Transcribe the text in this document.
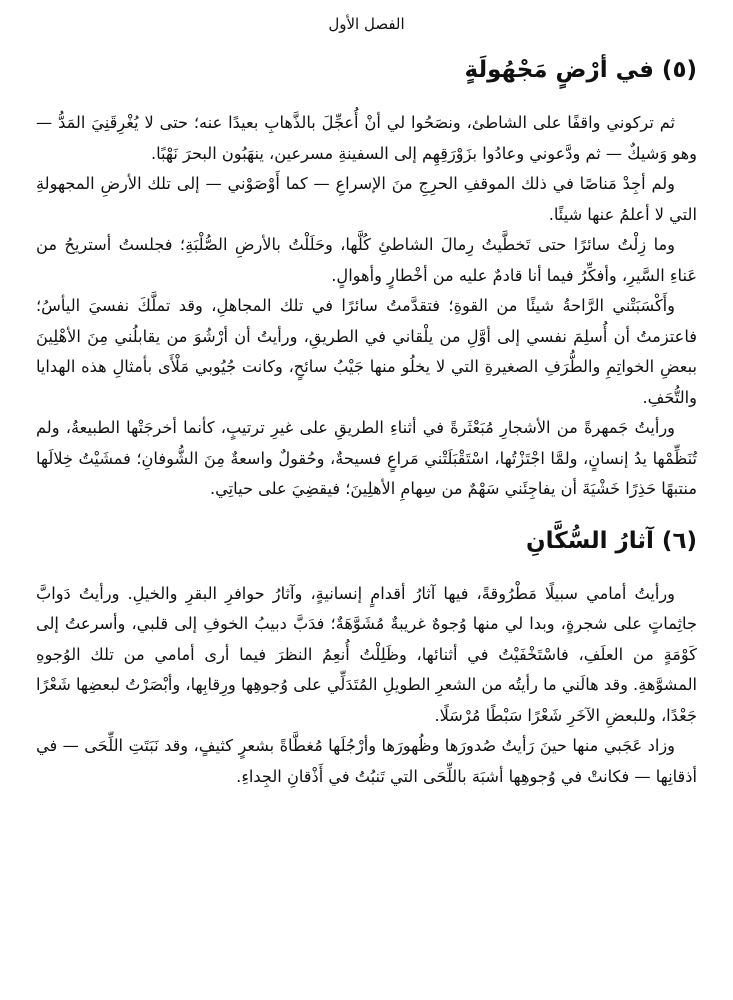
الفصل الأول
(٥) في أرْضٍ مَجْهُولَةٍ

ثم تركوني واقفًا على الشاطئ، ونصَحُوا لي أنْ أُعجِّلَ بالذَّهابِ بعيدًا عنه؛ حتى لا يُغْرِقَنِيَ المَدُّ — وهو وَشيكٌ — ثم ودَّعوني وعادُوا بزَوْرَقِهِم إلى السفينةِ مسرعين، ينهَبُون البحرَ نَهْبًا.

ولم أجِدْ مَناصًا في ذلك الموقفِ الحرِجِ منَ الإسراعِ — كما أَوْصَوْني — إلى تلك الأرضِ المجهولةِ التي لا أعلمُ عنها شيئًا.

وما زِلْتُ سائرًا حتى تَخطَّيتُ رِمالَ الشاطئِ كُلَّها، وحَلَلْتُ بالأرضِ الصُّلْبَةِ؛ فجلستُ أستريحُ من عَناءِ السَّيرِ، وأفكِّرُ فيما أنا قادمٌ عليه من أخْطارٍ وأهوالٍ.

وأَكْسَبَتْني الرَّاحةُ شيئًا من القوةِ؛ فتقدَّمتُ سائرًا في تلك المجاهلِ، وقد تملَّكَ نفسيَ اليأسُ؛ فاعتزمتُ أن أُسلِمَ نفسي إلى أوَّلِ من يلْقاني في الطريقِ، ورأيتُ أن أرْشُوَ من يقابلُني مِنَ الأهْلِينَ ببعضِ الخواتِمِ والطُّرَفِ الصغيرةِ التي لا يخلُو منها جَيْبُ سائحٍ، وكانت جُيُوبي مَلْأَى بأمثالِ هذه الهدايا والتُّحَفِ.

ورأيتُ جَمهرةً من الأشجارِ مُبَعْثَرةً في أثناءِ الطريقِ على غيرِ ترتيبٍ، كأنما أخرجَتْها الطبيعةُ، ولم تُنَظِّمْها يدُ إنسانٍ، ولمَّا اجْتَزْتُها، اسْتَقْبَلَتْني مَراعٍ فسيحةٌ، وحُقولٌ واسعةٌ مِنَ الشُّوفانِ؛ فمشَيْتُ خِلالَها منتبهًا حَذِرًا خَشْيَةَ أن يفاجِئَني سَهْمٌ من سِهامِ الأهلِينَ؛ فيقضِيَ على حياتِي.

(٦) آثارُ السُّكَّانِ

ورأيتُ أمامي سبيلًا مَطْرُوقةً، فيها آثارُ أقدامٍ إنسانيةٍ، وآثارُ حوافرِ البقرِ والخيلِ. ورأيتُ دَوابَّ جاثِماتٍ على شجرةٍ، وبدا لي منها وُجوهٌ غريبةٌ مُشَوَّهَةٌ؛ فدَبَّ دبيبُ الخوفِ إلى قلبي، وأسرعتُ إلى كَوْمَةٍ من العلَفِ، فاسْتَخْفَيْتُ في أثنائها، وظَلِلْتُ أُنعِمُ النظرَ فيما أرى أمامي من تلك الوُجوهِ المشوَّهةِ. وقد هالَني ما رأيتُه من الشعرِ الطويلِ المُتَدَلِّي على وُجوهِها ورِقابِها، وأبْصَرْتُ لبعضِها شَعْرًا جَعْدًا، وللبعضِ الآخَرِ شَعْرًا سَبْطًا مُرْسَلًا.

وزاد عَجَبي منها حينَ رَأيتُ صُدورَها وظُهورَها وأرْجُلَها مُغطَّاةً بشعرٍ كثيفٍ، وقد نَبَتَتِ اللِّحَى — في أذقانِها — فكانتْ في وُجوهِها أشبَهَ باللِّحَى التي تَنبُتُ في أَذْقانِ الجِداءِ.
